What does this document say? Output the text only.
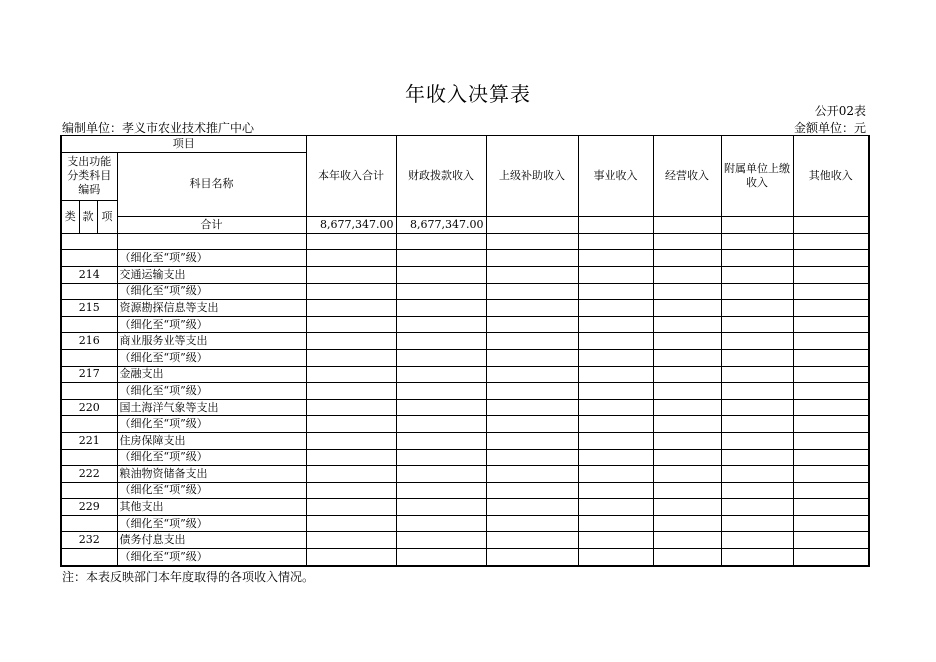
年收入决算表
公开02表
编制单位：孝义市农业技术推广中心	金额单位：元
项目				本年收入合计	财政拨款收入	上级补助收入	事业收入	经营收入	附属单位上缴收入	其他收入	
支出功能分类科目编码			科目名称								
类	款	项								
			合计	8,677,347.00	8,677,347.00						

			（细化至“项”级）								
214			交通运输支出								
			（细化至“项”级）								
215			资源勘探信息等支出								
			（细化至“项”级）								
216			商业服务业等支出								
			（细化至“项”级）								
217			金融支出								
			（细化至“项”级）								
220			国土海洋气象等支出								
			（细化至“项”级）								
221			住房保障支出								
			（细化至“项”级）								
222			粮油物资储备支出								
			（细化至“项”级）								
229			其他支出								
			（细化至“项”级）								
232			债务付息支出								
			（细化至“项”级）								
注：本表反映部门本年度取得的各项收入情况。
